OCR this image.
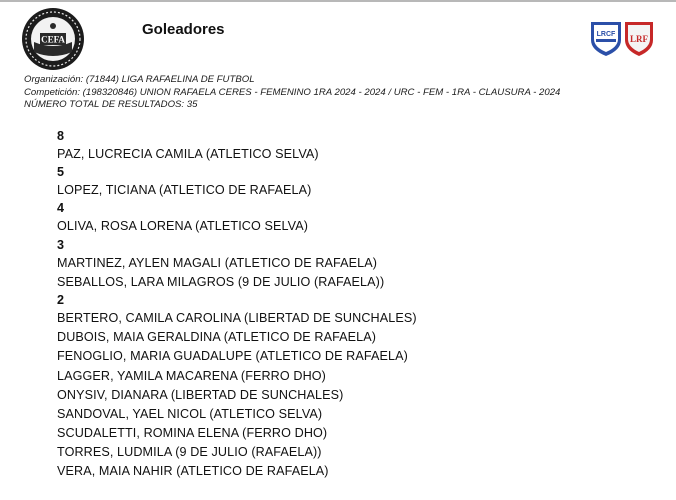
CEFA
Goleadores	LRCF LRF
Organización: (71844) LIGA RAFAELINA DE FUTBOL
Competición: (198320846) UNION RAFAELA CERES - FEMENINO 1RA 2024 - 2024 / URC - FEM - 1RA - CLAUSURA - 2024
NÚMERO TOTAL DE RESULTADOS: 35
8
PAZ, LUCRECIA CAMILA (ATLETICO SELVA)
5
LOPEZ, TICIANA (ATLETICO DE RAFAELA)
4
OLIVA, ROSA LORENA (ATLETICO SELVA)
3
MARTINEZ, AYLEN MAGALI (ATLETICO DE RAFAELA)
SEBALLOS, LARA MILAGROS (9 DE JULIO (RAFAELA))
2
BERTERO, CAMILA CAROLINA (LIBERTAD DE SUNCHALES)
DUBOIS, MAIA GERALDINA (ATLETICO DE RAFAELA)
FENOGLIO, MARIA GUADALUPE (ATLETICO DE RAFAELA)
LAGGER, YAMILA MACARENA (FERRO DHO)
ONYSIV, DIANARA (LIBERTAD DE SUNCHALES)
SANDOVAL, YAEL NICOL (ATLETICO SELVA)
SCUDALETTI, ROMINA ELENA (FERRO DHO)
TORRES, LUDMILA (9 DE JULIO (RAFAELA))
VERA, MAIA NAHIR (ATLETICO DE RAFAELA)
